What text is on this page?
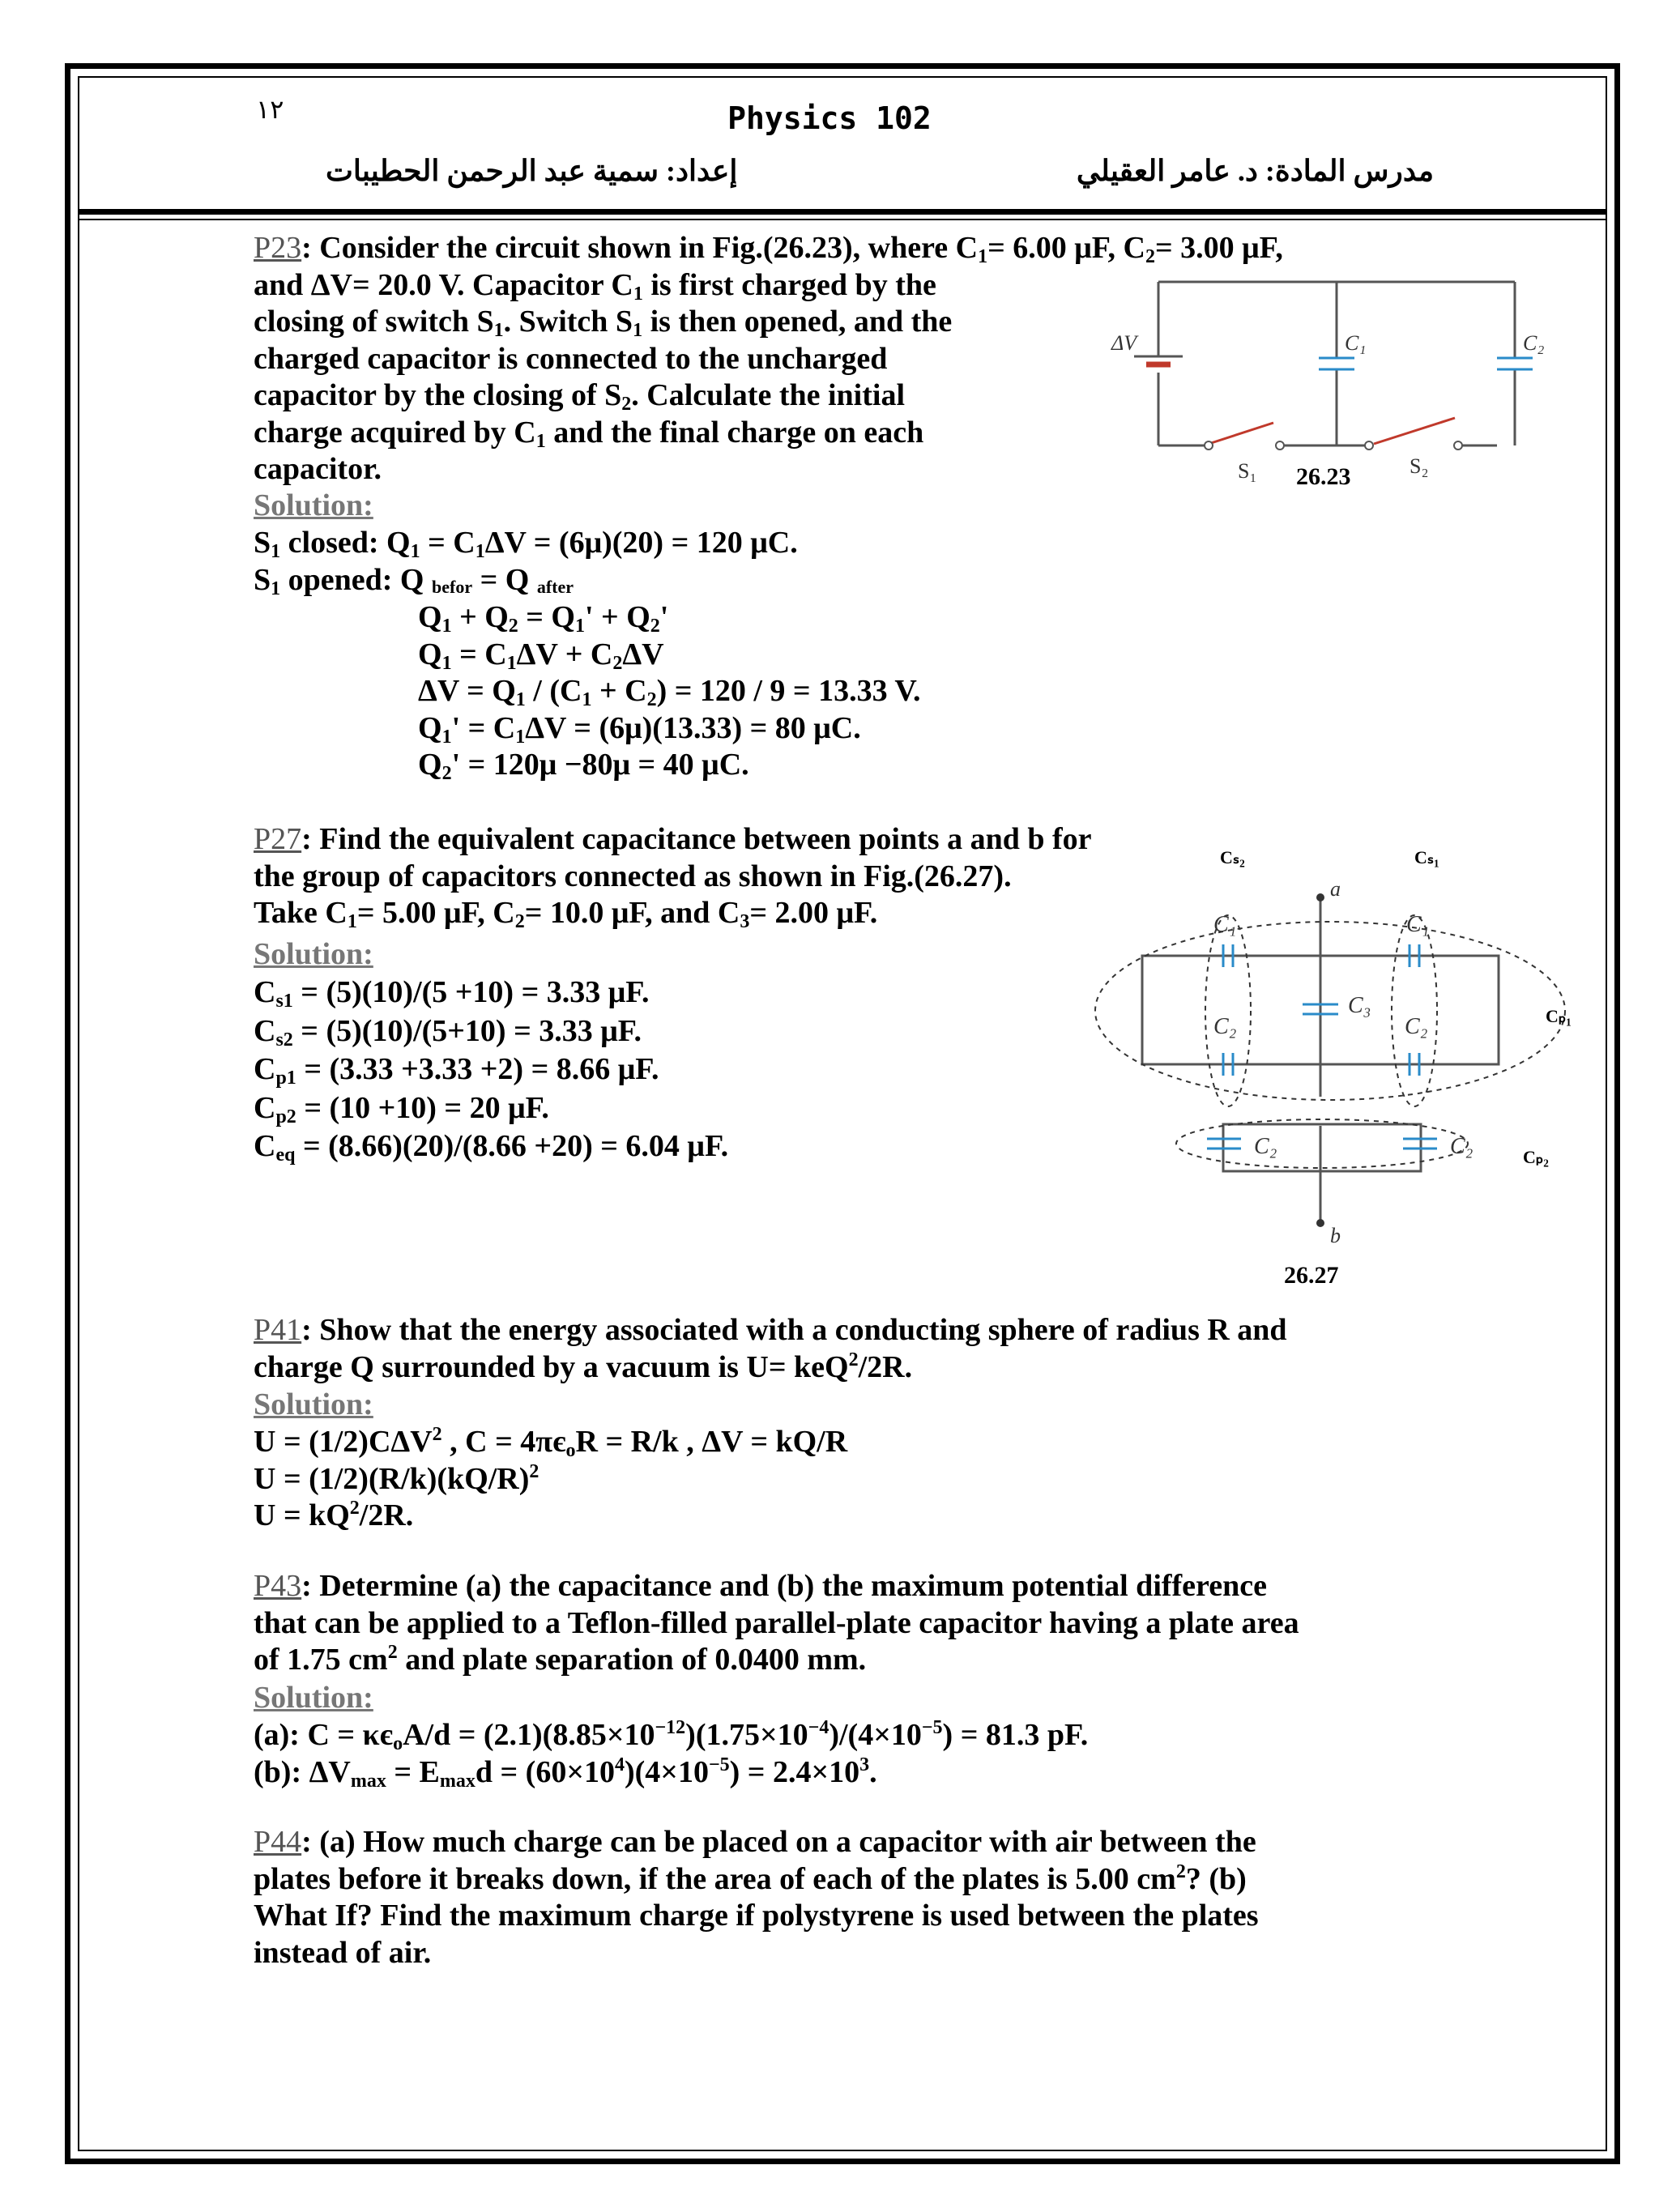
١٢	Physics 102
إعداد: سمية عبد الرحمن الحطيبات	مدرس المادة: د. عامر العقيلي
P23: Consider the circuit shown in Fig.(26.23), where $C_1= 6.00$ μF, $C_2= 3.00$ μF,
and ΔV= 20.0 V. Capacitor $C_1$ is first charged by the
closing of switch $S_1$. Switch $S_1$ is then opened, and the
charged capacitor is connected to the uncharged
capacitor by the closing of $S_2$. Calculate the initial
charge acquired by $C_1$ and the final charge on each
capacitor.
Solution:
$S_1$ closed: $Q_1 = C_1\Delta V = (6\mu)(20) = 120$ μC.
$S_1$ opened: Q $_{befor}$ = Q $_{after}$
$Q_1 + Q_2 = Q_1' + Q_2'$
$Q_1 = C_1\Delta V + C_2\Delta V$
$\Delta V = Q_1 / (C_1 + C_2) = 120 / 9 = 13.33$ V.
$Q_1' = C_1\Delta V = (6\mu)(13.33) = 80$ μC.
$Q_2' = 120\mu -80\mu = 40$ μC.
ΔV	C₁	C₂
S₁	S₂
26.23
P27: Find the equivalent capacitance between points a and b for
the group of capacitors connected as shown in Fig.(26.27).
Take $C_1= 5.00$ μF, $C_2= 10.0$ μF, and $C_3= 2.00$ μF.
Solution:
$C_{s1} = (5)(10)/(5 +10) = 3.33$ μF.
$C_{s2} = (5)(10)/(5+10) = 3.33$ μF.
$C_{p1} = (3.33 +3.33 +2) = 8.66$ μF.
$C_{p2} = (10 +10) = 20$ μF.
$C_{eq} = (8.66)(20)/(8.66 +20) = 6.04$ μF.
Cₛ₂	Cₛ₁
a
b
C₁	C₁
C₂	C₂
C₃
C₂	C₂
Cₚ₁
Cₚ₂
26.27
P41: Show that the energy associated with a conducting sphere of radius R and
charge Q surrounded by a vacuum is U= keQ$^2$/2R.
Solution:
$U = (1/2)C\Delta V^2$ , $C = 4\pi є_oR = R/k$ , ΔV = kQ/R
$U = (1/2)(R/k)(kQ/R)^2$
$U = kQ^2/2R$.
P43: Determine (a) the capacitance and (b) the maximum potential difference
that can be applied to a Teflon-filled parallel-plate capacitor having a plate area
of 1.75 $cm^2$ and plate separation of 0.0400 mm.
Solution:
(a): $C = \kappa є_oA/d = (2.1)(8.85\times 10^{-12})(1.75\times 10^{-4})/(4\times 10^{-5}) = 81.3$ pF.
(b): $\Delta V_{max} = E_{max}d = (60\times 10^4)(4\times 10^{-5}) = 2.4\times 10^3$.
P44: (a) How much charge can be placed on a capacitor with air between the
plates before it breaks down, if the area of each of the plates is 5.00 $cm^2$? (b)
What If? Find the maximum charge if polystyrene is used between the plates
instead of air.
